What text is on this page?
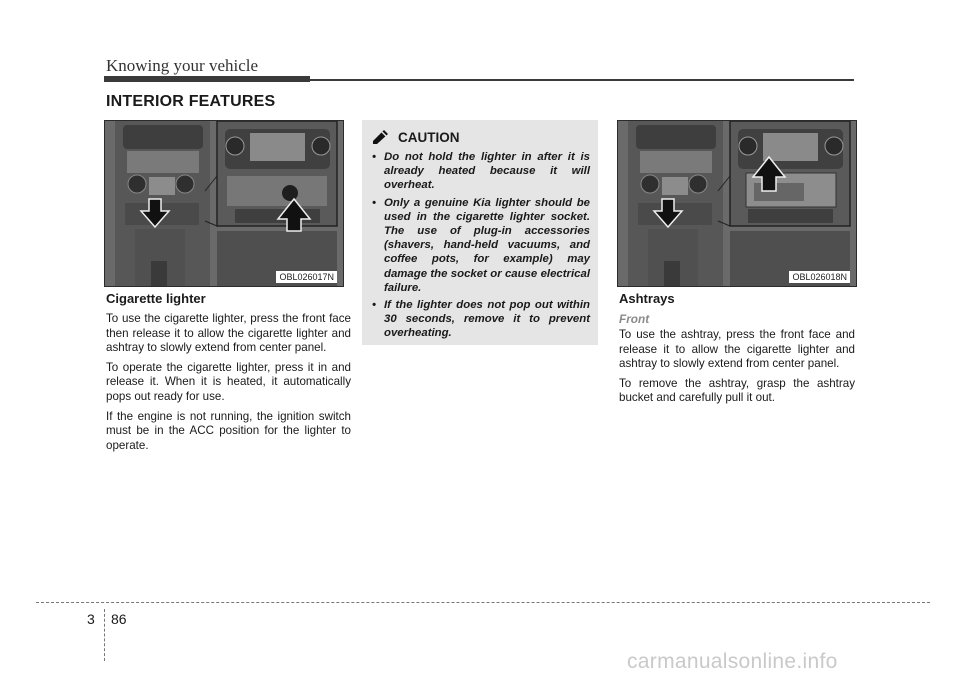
Knowing your vehicle
INTERIOR FEATURES
OBL026017N
CAUTION
• Do not hold the lighter in after it is already heated because it will overheat.
• Only a genuine Kia lighter should be used in the cigarette lighter socket. The use of plug-in accessories (shavers, hand-held vacuums, and coffee pots, for example) may damage the socket or cause electrical failure.
• If the lighter does not pop out within 30 seconds, remove it to prevent overheating.
OBL026018N
Cigarette lighter

To use the cigarette lighter, press the front face then release it to allow the cigarette lighter and ashtray to slowly extend from center panel.

To operate the cigarette lighter, press it in and release it. When it is heated, it automatically pops out ready for use.

If the engine is not running, the ignition switch must be in the ACC position for the lighter to operate.

Ashtrays
Front

To use the ashtray, press the front face and release it to allow the cigarette lighter and ashtray to slowly extend from center panel.

To remove the ashtray, grasp the ashtray bucket and carefully pull it out.

3 86
carmanualsonline.info
